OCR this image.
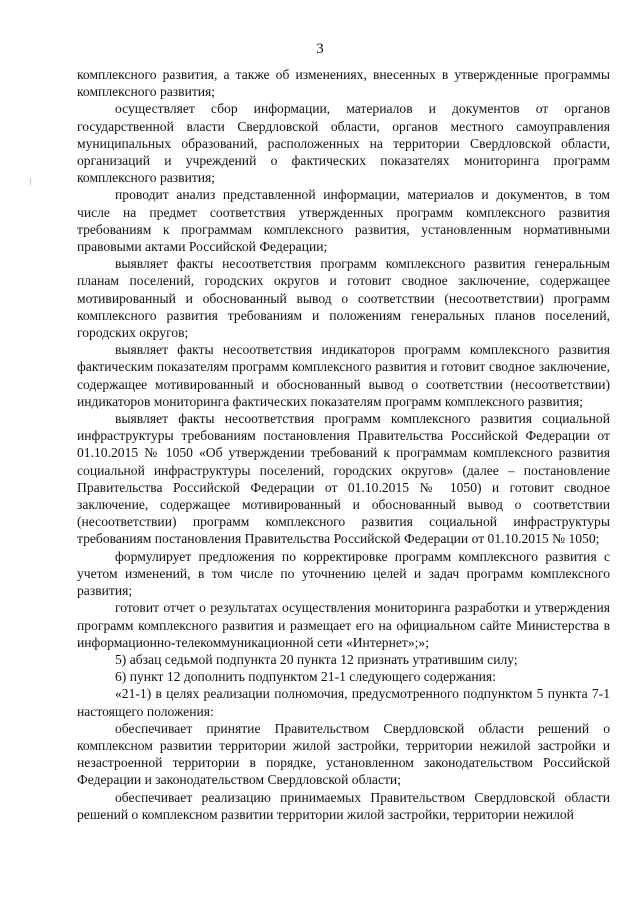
3

комплексного развития, а также об изменениях, внесенных в утвержденные программы комплексного развития;

осуществляет сбор информации, материалов и документов от органов государственной власти Свердловской области, органов местного самоуправления муниципальных образований, расположенных на территории Свердловской области, организаций и учреждений о фактических показателях мониторинга программ комплексного развития;

проводит анализ представленной информации, материалов и документов, в том числе на предмет соответствия утвержденных программ комплексного развития требованиям к программам комплексного развития, установленным нормативными правовыми актами Российской Федерации;

выявляет факты несоответствия программ комплексного развития генеральным планам поселений, городских округов и готовит сводное заключение, содержащее мотивированный и обоснованный вывод о соответствии (несоответствии) программ комплексного развития требованиям и положениям генеральных планов поселений, городских округов;

выявляет факты несоответствия индикаторов программ комплексного развития фактическим показателям программ комплексного развития и готовит сводное заключение, содержащее мотивированный и обоснованный вывод о соответствии (несоответствии) индикаторов мониторинга фактических показателям программ комплексного развития;

выявляет факты несоответствия программ комплексного развития социальной инфраструктуры требованиям постановления Правительства Российской Федерации от 01.10.2015 № 1050 «Об утверждении требований к программам комплексного развития социальной инфраструктуры поселений, городских округов» (далее – постановление Правительства Российской Федерации от 01.10.2015 № 1050) и готовит сводное заключение, содержащее мотивированный и обоснованный вывод о соответствии (несоответствии) программ комплексного развития социальной инфраструктуры требованиям постановления Правительства Российской Федерации от 01.10.2015 № 1050;

формулирует предложения по корректировке программ комплексного развития с учетом изменений, в том числе по уточнению целей и задач программ комплексного развития;

готовит отчет о результатах осуществления мониторинга разработки и утверждения программ комплексного развития и размещает его на официальном сайте Министерства в информационно-телекоммуникационной сети «Интернет»;»;

5) абзац седьмой подпункта 20 пункта 12 признать утратившим силу;

6) пункт 12 дополнить подпунктом 21-1 следующего содержания:

«21-1) в целях реализации полномочия, предусмотренного подпунктом 5 пункта 7-1 настоящего положения:

обеспечивает принятие Правительством Свердловской области решений о комплексном развитии территории жилой застройки, территории нежилой застройки и незастроенной территории в порядке, установленном законодательством Российской Федерации и законодательством Свердловской области;

обеспечивает реализацию принимаемых Правительством Свердловской области решений о комплексном развитии территории жилой застройки, территории нежилой
